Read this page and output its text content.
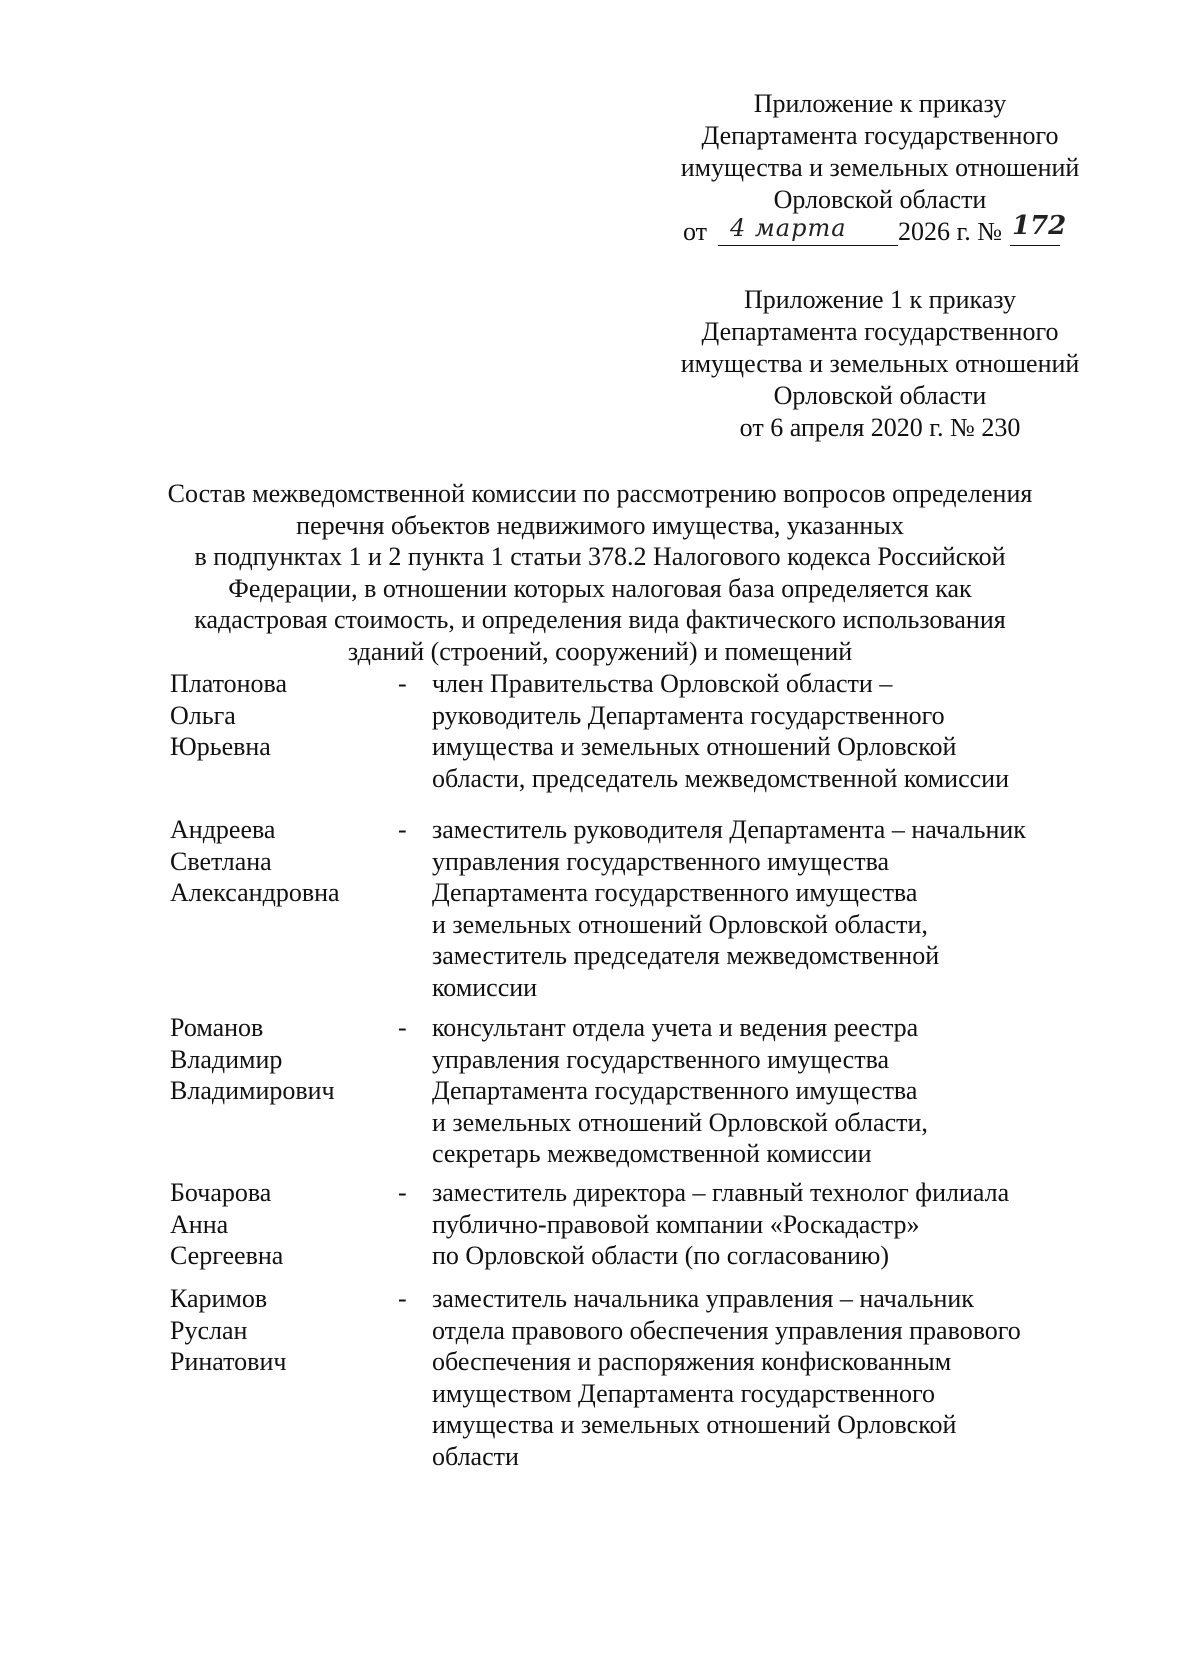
Приложение к приказу
Департамента государственного
имущества и земельных отношений
Орловской области
от 4 марта 2026 г. № 172
Приложение 1 к приказу
Департамента государственного
имущества и земельных отношений
Орловской области
от 6 апреля 2020 г. № 230
Состав межведомственной комиссии по рассмотрению вопросов определения
перечня объектов недвижимого имущества, указанных
в подпунктах 1 и 2 пункта 1 статьи 378.2 Налогового кодекса Российской
Федерации, в отношении которых налоговая база определяется как
кадастровая стоимость, и определения вида фактического использования
зданий (строений, сооружений) и помещений
Платонова
Ольга
Юрьевна
- член Правительства Орловской области –
руководитель Департамента государственного
имущества и земельных отношений Орловской
области, председатель межведомственной комиссии
Андреева
Светлана
Александровна
- заместитель руководителя Департамента – начальник
управления государственного имущества
Департамента государственного имущества
и земельных отношений Орловской области,
заместитель председателя межведомственной
комиссии
Романов
Владимир
Владимирович
- консультант отдела учета и ведения реестра
управления государственного имущества
Департамента государственного имущества
и земельных отношений Орловской области,
секретарь межведомственной комиссии
Бочарова
Анна
Сергеевна
- заместитель директора – главный технолог филиала
публично-правовой компании «Роскадастр»
по Орловской области (по согласованию)
Каримов
Руслан
Ринатович
- заместитель начальника управления – начальник
отдела правового обеспечения управления правового
обеспечения и распоряжения конфискованным
имуществом Департамента государственного
имущества и земельных отношений Орловской
области
